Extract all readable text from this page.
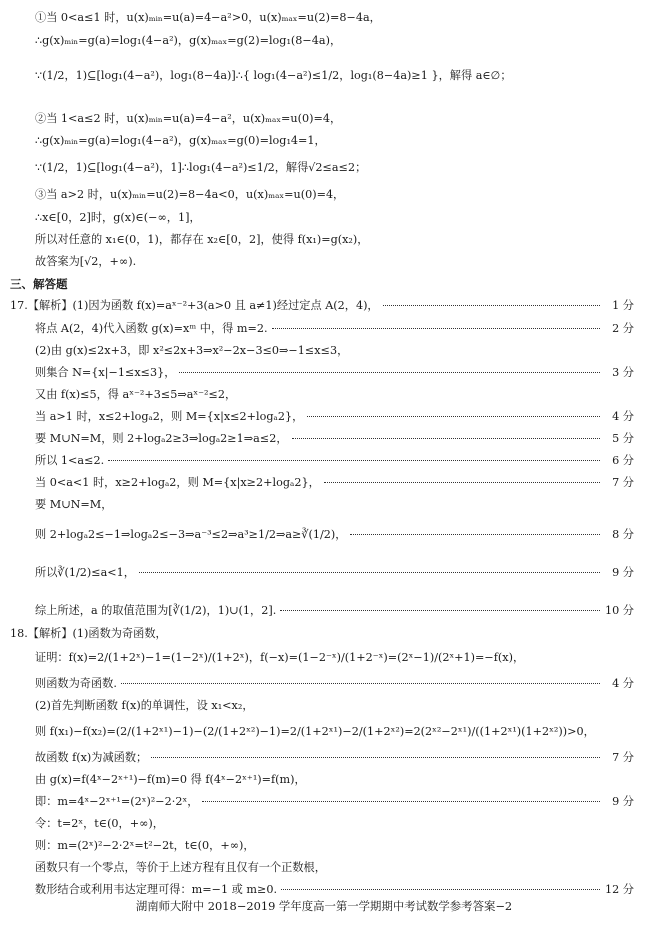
①当 0<a≤1 时，u(x)ₘᵢₙ=u(a)=4−a²>0，u(x)ₘₐₓ=u(2)=8−4a，
∴g(x)ₘᵢₙ=g(a)=log₁(4−a²)，g(x)ₘₐₓ=g(2)=log₁(8−4a)，
∵(1/2，1)⊆[log₁(4−a²)，log₁(8−4a)]∴{ log₁(4−a²)≤1/2，log₁(8−4a)≥1 }，解得 a∈∅；
②当 1<a≤2 时，u(x)ₘᵢₙ=u(a)=4−a²，u(x)ₘₐₓ=u(0)=4，
∴g(x)ₘᵢₙ=g(a)=log₁(4−a²)，g(x)ₘₐₓ=g(0)=log₁4=1，
∵(1/2，1)⊆[log₁(4−a²)，1]∴log₁(4−a²)≤1/2，解得√2≤a≤2；
③当 a>2 时，u(x)ₘᵢₙ=u(2)=8−4a<0，u(x)ₘₐₓ=u(0)=4，
∴x∈[0，2]时，g(x)∈(−∞，1]，
所以对任意的 x₁∈(0，1)，都存在 x₂∈[0，2]，使得 f(x₁)=g(x₂)，
故答案为[√2，+∞).
三、解答题
17.【解析】(1)因为函数 f(x)=aˣ⁻²+3(a>0 且 a≠1)经过定点 A(2，4)，	1 分
将点 A(2，4)代入函数 g(x)=xᵐ 中，得 m=2.	2 分
(2)由 g(x)≤2x+3，即 x²≤2x+3⇒x²−2x−3≤0⇒−1≤x≤3，
则集合 N={x|−1≤x≤3}，	3 分
又由 f(x)≤5，得 aˣ⁻²+3≤5⇒aˣ⁻²≤2，
当 a>1 时，x≤2+logₐ2，则 M={x|x≤2+logₐ2}，	4 分
要 M∪N=M，则 2+logₐ2≥3⇒logₐ2≥1⇒a≤2，	5 分
所以 1<a≤2.	6 分
当 0<a<1 时，x≥2+logₐ2，则 M={x|x≥2+logₐ2}，	7 分
要 M∪N=M，
则 2+logₐ2≤−1⇒logₐ2≤−3⇒a⁻³≤2⇒a³≥1/2⇒a≥∛(1/2)，	8 分
所以∛(1/2)≤a<1，	9 分
综上所述，a 的取值范围为[∛(1/2)，1)∪(1，2].	10 分
18.【解析】(1)函数为奇函数，
证明：f(x)=2/(1+2ˣ)−1=(1−2ˣ)/(1+2ˣ)，f(−x)=(1−2⁻ˣ)/(1+2⁻ˣ)=(2ˣ−1)/(2ˣ+1)=−f(x)，
则函数为奇函数.	4 分
(2)首先判断函数 f(x)的单调性，设 x₁<x₂，
则 f(x₁)−f(x₂)=(2/(1+2ˣ¹)−1)−(2/(1+2ˣ²)−1)=2/(1+2ˣ¹)−2/(1+2ˣ²)=2(2ˣ²−2ˣ¹)/((1+2ˣ¹)(1+2ˣ²))>0，
故函数 f(x)为减函数；	7 分
由 g(x)=f(4ˣ−2ˣ⁺¹)−f(m)=0 得 f(4ˣ−2ˣ⁺¹)=f(m)，
即：m=4ˣ−2ˣ⁺¹=(2ˣ)²−2·2ˣ，	9 分
令：t=2ˣ，t∈(0，+∞)，
则：m=(2ˣ)²−2·2ˣ=t²−2t，t∈(0，+∞)，
函数只有一个零点，等价于上述方程有且仅有一个正数根，
数形结合或利用韦达定理可得：m=−1 或 m≥0.	12 分
湖南师大附中 2018−2019 学年度高一第一学期期中考试数学参考答案−2
